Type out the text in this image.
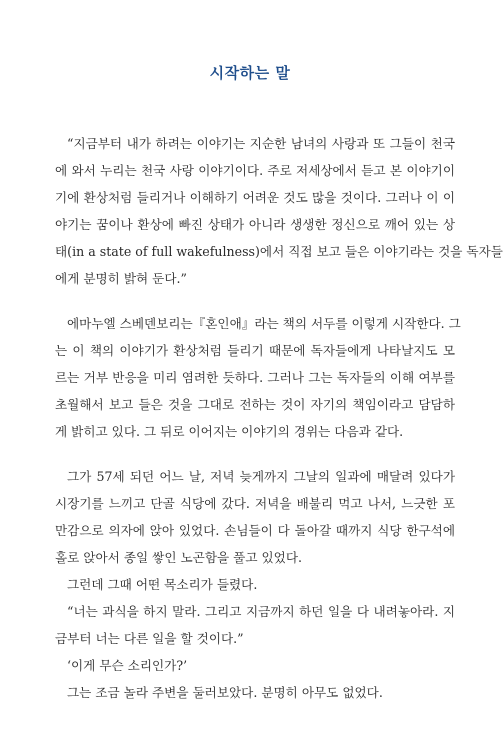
시작하는 말
“지금부터 내가 하려는 이야기는 지순한 남녀의 사랑과 또 그들이 천국
에 와서 누리는 천국 사랑 이야기이다. 주로 저세상에서 듣고 본 이야기이
기에 환상처럼 들리거나 이해하기 어려운 것도 많을 것이다. 그러나 이 이
야기는 꿈이나 환상에 빠진 상태가 아니라 생생한 정신으로 깨어 있는 상
태(in a state of full wakefulness)에서 직접 보고 들은 이야기라는 것을 독자들
에게 분명히 밝혀 둔다.”
에마누엘 스베덴보리는『혼인애』라는 책의 서두를 이렇게 시작한다. 그
는 이 책의 이야기가 환상처럼 들리기 때문에 독자들에게 나타날지도 모
르는 거부 반응을 미리 염려한 듯하다. 그러나 그는 독자들의 이해 여부를
초월해서 보고 들은 것을 그대로 전하는 것이 자기의 책임이라고 담담하
게 밝히고 있다. 그 뒤로 이어지는 이야기의 경위는 다음과 같다.
그가 57세 되던 어느 날, 저녁 늦게까지 그날의 일과에 매달려 있다가
시장기를 느끼고 단골 식당에 갔다. 저녁을 배불리 먹고 나서, 느긋한 포
만감으로 의자에 앉아 있었다. 손님들이 다 돌아갈 때까지 식당 한구석에
홀로 앉아서 종일 쌓인 노곤함을 풀고 있었다.
그런데 그때 어떤 목소리가 들렸다.
“너는 과식을 하지 말라. 그리고 지금까지 하던 일을 다 내려놓아라. 지
금부터 너는 다른 일을 할 것이다.”
‘이게 무슨 소리인가?’
그는 조금 놀라 주변을 둘러보았다. 분명히 아무도 없었다.
